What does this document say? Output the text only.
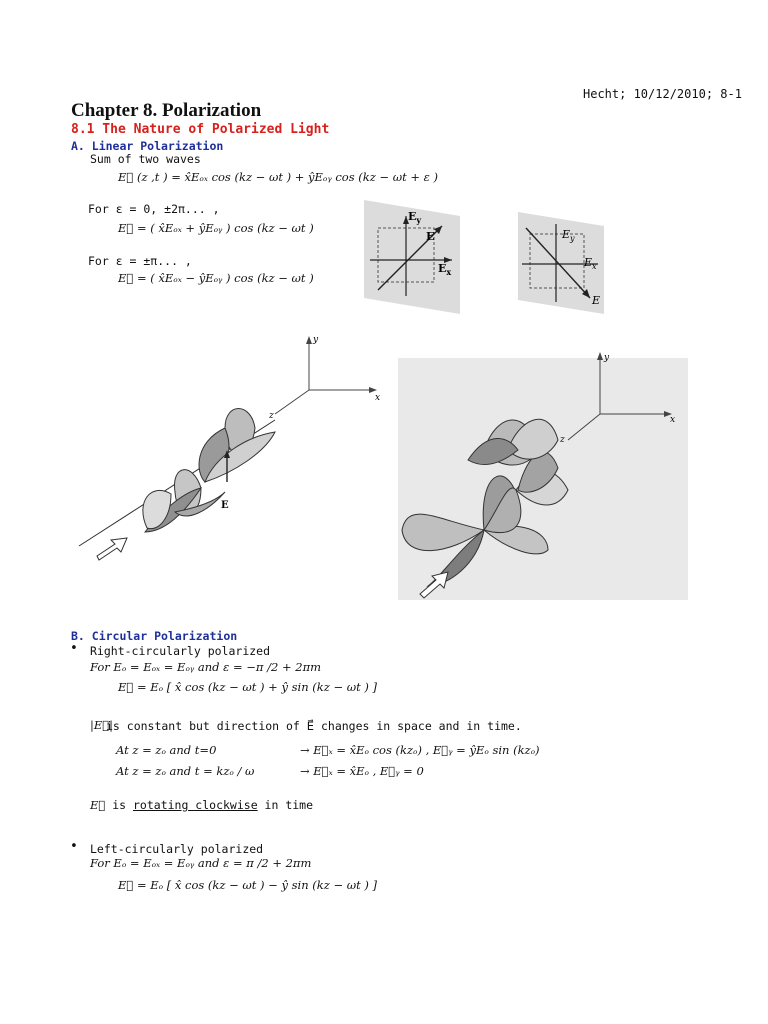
Hecht; 10/12/2010; 8-1
Chapter 8. Polarization
8.1 The Nature of Polarized Light
A. Linear Polarization
Sum of two waves
E⃗ (z ,t ) = x̂Eₒₓ cos (kz − ωt ) + ŷEₒᵧ cos (kz − ωt + ε )
For ε = 0, ±2π... ,
E⃗ = ( x̂Eₒₓ + ŷEₒᵧ ) cos (kz − ωt )
For ε = ±π... ,
E⃗ = ( x̂Eₒₓ − ŷEₒᵧ ) cos (kz − ωt )
$E_y$
E
$E_x$
$E_y$
$E_x$
E
y
x
z
E
y
x
z
B. Circular Polarization
• Right-circularly polarized
For Eₒ = Eₒₓ = Eₒᵧ and ε = −π /2 + 2πm
E⃗ = Eₒ [ x̂ cos (kz − ωt ) + ŷ sin (kz − ωt ) ]
|E⃗|
is constant but direction of E⃗ changes in space and in time.
At z = zₒ and t=0	→ E⃗ₓ = x̂Eₒ cos (kzₒ) , E⃗ᵧ = ŷEₒ sin (kzₒ)
At z = zₒ and t = kzₒ / ω	→ E⃗ₓ = x̂Eₒ , E⃗ᵧ = 0
E⃗ is rotating clockwise in time
• Left-circularly polarized
For Eₒ = Eₒₓ = Eₒᵧ and ε = π /2 + 2πm
E⃗ = Eₒ [ x̂ cos (kz − ωt ) − ŷ sin (kz − ωt ) ]
